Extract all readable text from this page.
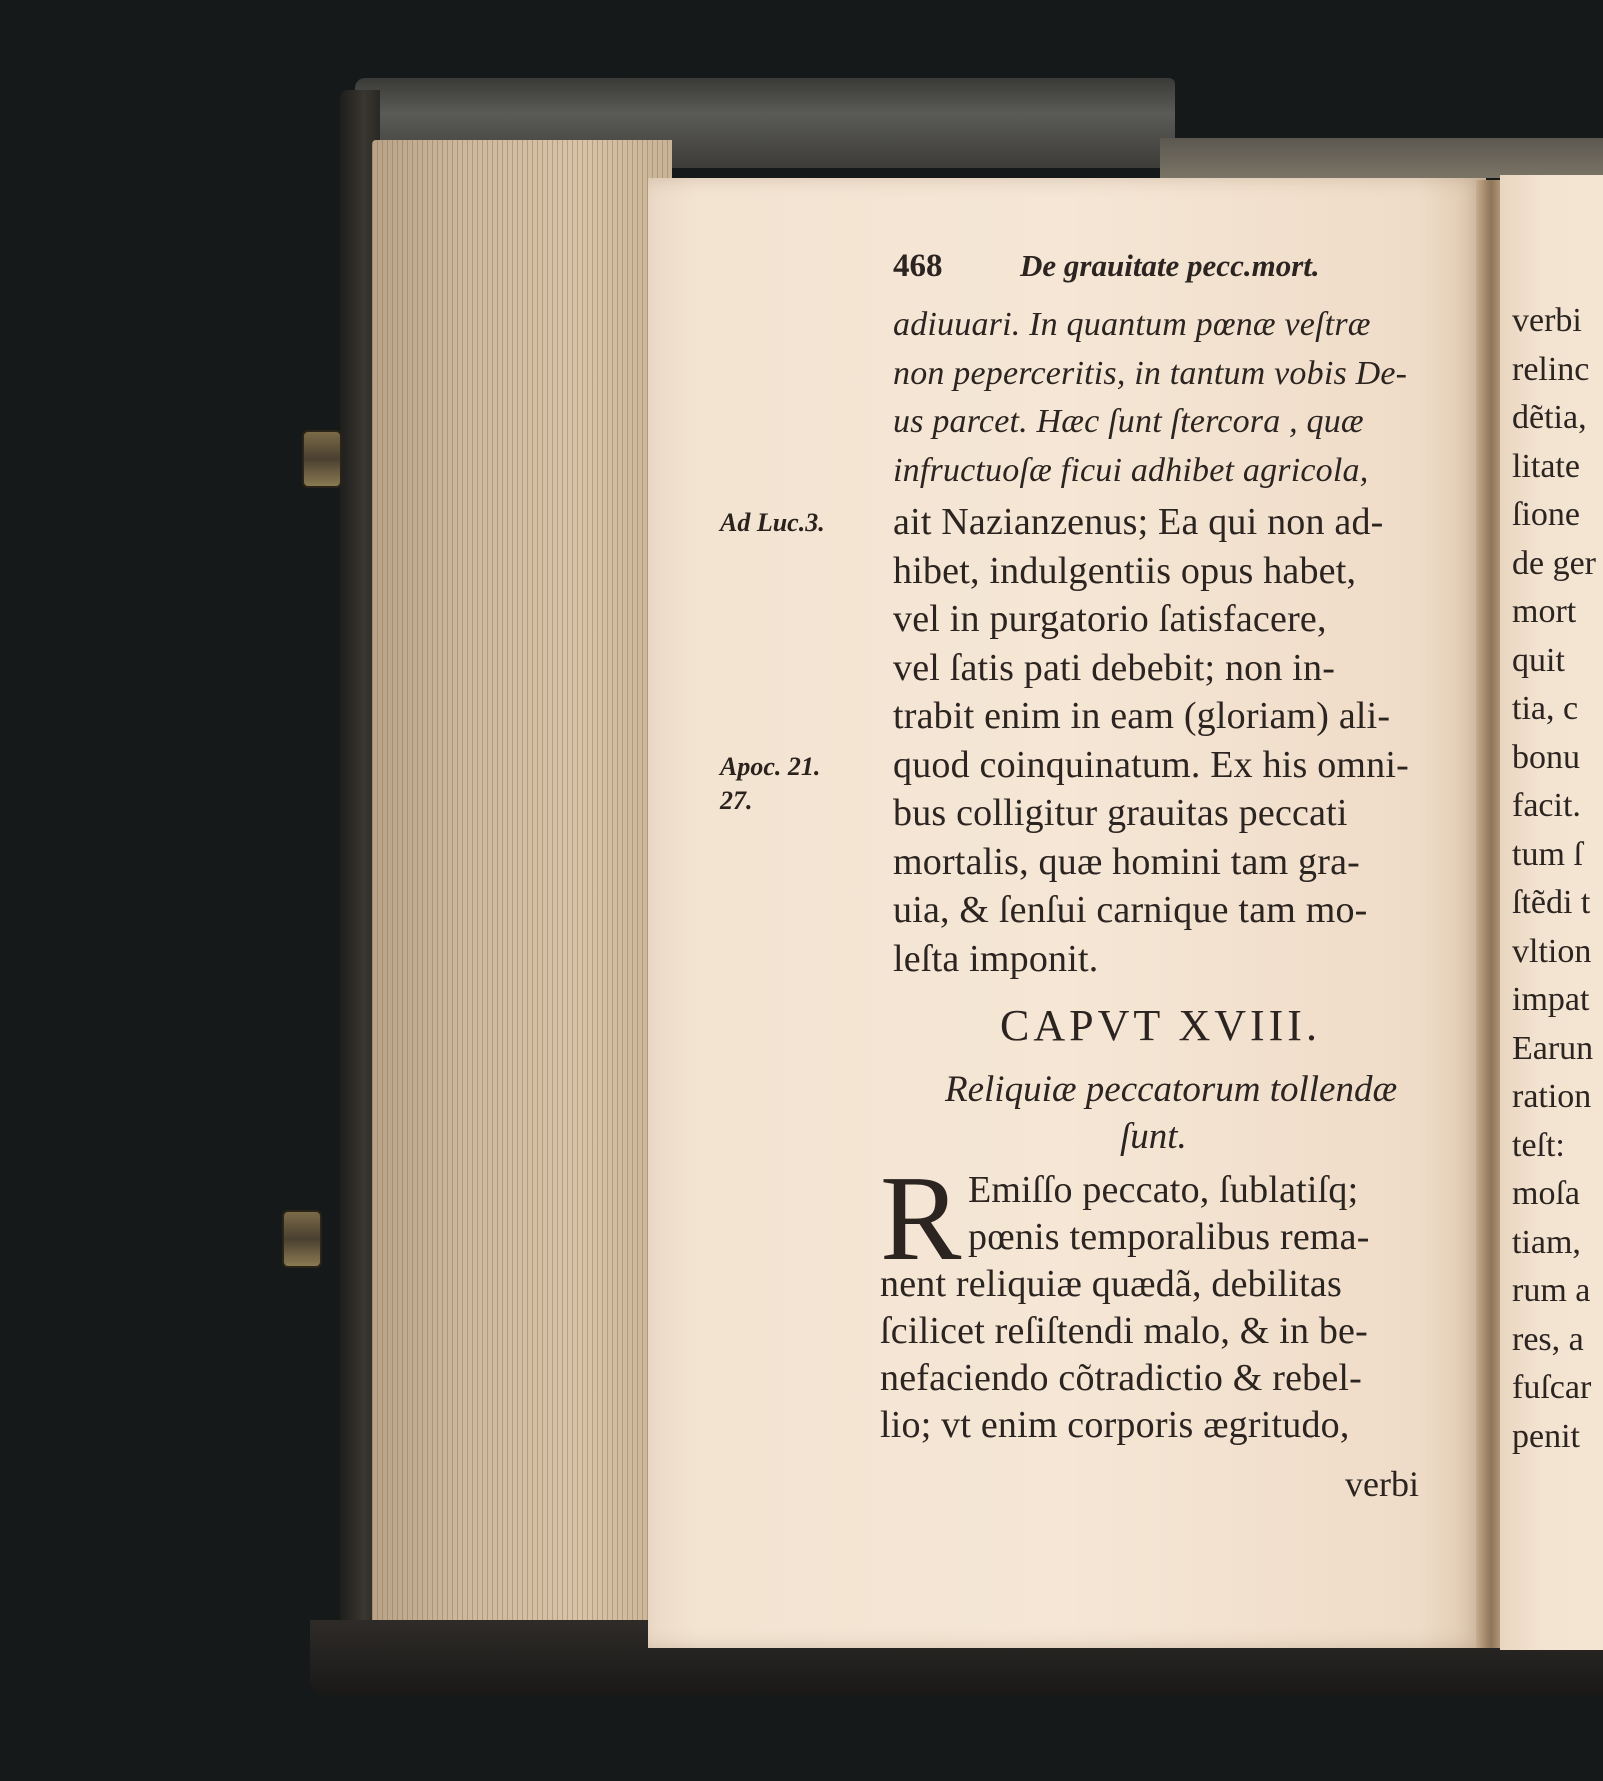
468	De grauitate pecc.mort.
Ad Luc.3.
Apoc. 21.
27.
adiuuari. In quantum pœnæ veſtræ
non peperceritis, in tantum vobis De-
us parcet. Hæc ſunt ſtercora , quæ
infructuoſæ ficui adhibet agricola,
ait Nazianzenus; Ea qui non ad-
hibet, indulgentiis opus habet,
vel in purgatorio ſatisfacere,
vel ſatis pati debebit; non in-
trabit enim in eam (gloriam) ali-
quod coinquinatum. Ex his omni-
bus colligitur grauitas peccati
mortalis, quæ homini tam gra-
uia, & ſenſui carnique tam mo-
leſta imponit.
CAPVT XVIII.
Reliquiæ peccatorum tollendæ
ſunt.
R Emiſſo peccato, ſublatiſq;
pœnis temporalibus rema-
nent reliquiæ quædã, debilitas
ſcilicet reſiſtendi malo, & in be-
nefaciendo cõtradictio & rebel-
lio; vt enim corporis ægritudo,
verbi
verbi
relinc
dẽtia,
litate
ſione
de ger
mort
quit
tia, c
bonu
facit.
tum ſ
ſtẽdi t
vltion
impat
Earun
ration
teſt:
moſa
tiam,
rum a
res, a
fuſcar
penit
